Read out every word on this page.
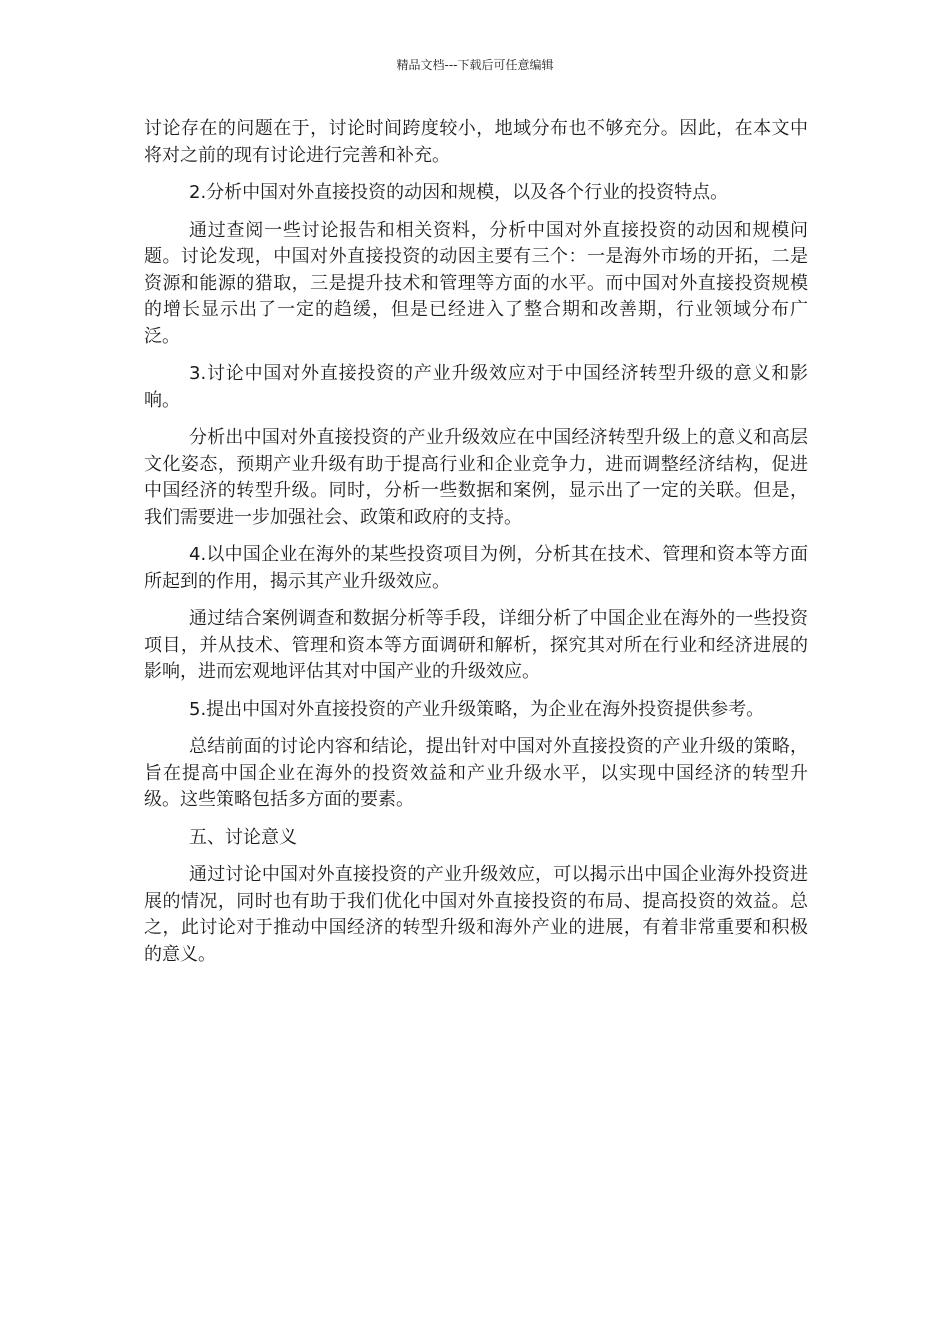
精品文档---下载后可任意编辑

讨论存在的问题在于，讨论时间跨度较小，地域分布也不够充分。因此，在本文中将对之前的现有讨论进行完善和补充。

2.分析中国对外直接投资的动因和规模，以及各个行业的投资特点。

通过查阅一些讨论报告和相关资料，分析中国对外直接投资的动因和规模问题。讨论发现，中国对外直接投资的动因主要有三个：一是海外市场的开拓，二是资源和能源的猎取，三是提升技术和管理等方面的水平。而中国对外直接投资规模的增长显示出了一定的趋缓，但是已经进入了整合期和改善期，行业领域分布广泛。

3.讨论中国对外直接投资的产业升级效应对于中国经济转型升级的意义和影响。

分析出中国对外直接投资的产业升级效应在中国经济转型升级上的意义和高层文化姿态，预期产业升级有助于提高行业和企业竞争力，进而调整经济结构，促进中国经济的转型升级。同时，分析一些数据和案例，显示出了一定的关联。但是，我们需要进一步加强社会、政策和政府的支持。

4.以中国企业在海外的某些投资项目为例，分析其在技术、管理和资本等方面所起到的作用，揭示其产业升级效应。

通过结合案例调查和数据分析等手段，详细分析了中国企业在海外的一些投资项目，并从技术、管理和资本等方面调研和解析，探究其对所在行业和经济进展的影响，进而宏观地评估其对中国产业的升级效应。

5.提出中国对外直接投资的产业升级策略，为企业在海外投资提供参考。

总结前面的讨论内容和结论，提出针对中国对外直接投资的产业升级的策略，旨在提高中国企业在海外的投资效益和产业升级水平，以实现中国经济的转型升级。这些策略包括多方面的要素。

五、讨论意义

通过讨论中国对外直接投资的产业升级效应，可以揭示出中国企业海外投资进展的情况，同时也有助于我们优化中国对外直接投资的布局、提高投资的效益。总之，此讨论对于推动中国经济的转型升级和海外产业的进展，有着非常重要和积极的意义。
